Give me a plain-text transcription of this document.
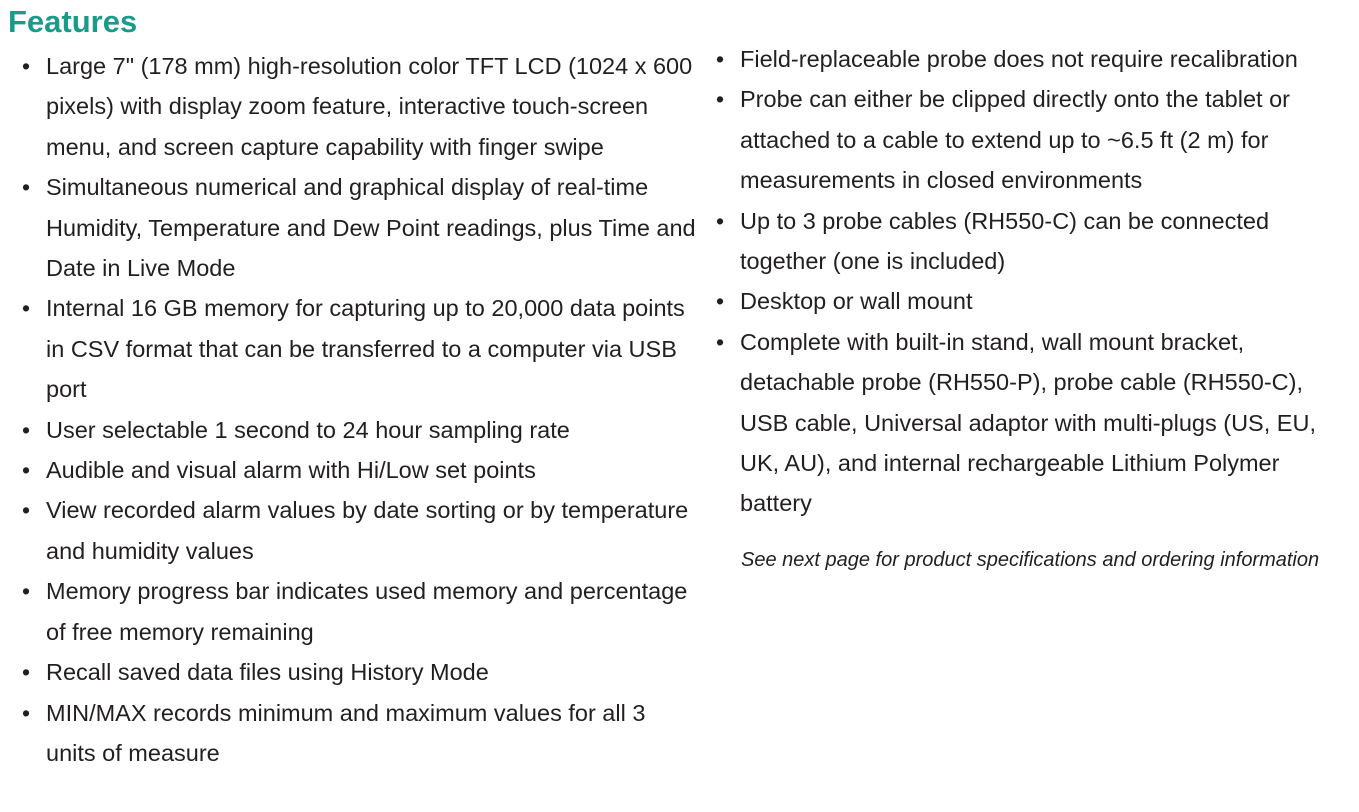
Features
• Large 7" (178 mm) high-resolution color TFT LCD (1024 x 600 pixels) with display zoom feature, interactive touch-screen menu, and screen capture capability with finger swipe
• Simultaneous numerical and graphical display of real-time Humidity, Temperature and Dew Point readings, plus Time and Date in Live Mode
• Internal 16 GB memory for capturing up to 20,000 data points in CSV format that can be transferred to a computer via USB port
• User selectable 1 second to 24 hour sampling rate
• Audible and visual alarm with Hi/Low set points
• View recorded alarm values by date sorting or by temperature and humidity values
• Memory progress bar indicates used memory and percentage of free memory remaining
• Recall saved data files using History Mode
• MIN/MAX records minimum and maximum values for all 3 units of measure
• Field-replaceable probe does not require recalibration
• Probe can either be clipped directly onto the tablet or attached to a cable to extend up to ~6.5 ft (2 m) for measurements in closed environments
• Up to 3 probe cables (RH550-C) can be connected together (one is included)
• Desktop or wall mount
• Complete with built-in stand, wall mount bracket, detachable probe (RH550-P), probe cable (RH550-C), USB cable, Universal adaptor with multi-plugs (US, EU, UK, AU), and internal rechargeable Lithium Polymer battery

See next page for product specifications and ordering information
